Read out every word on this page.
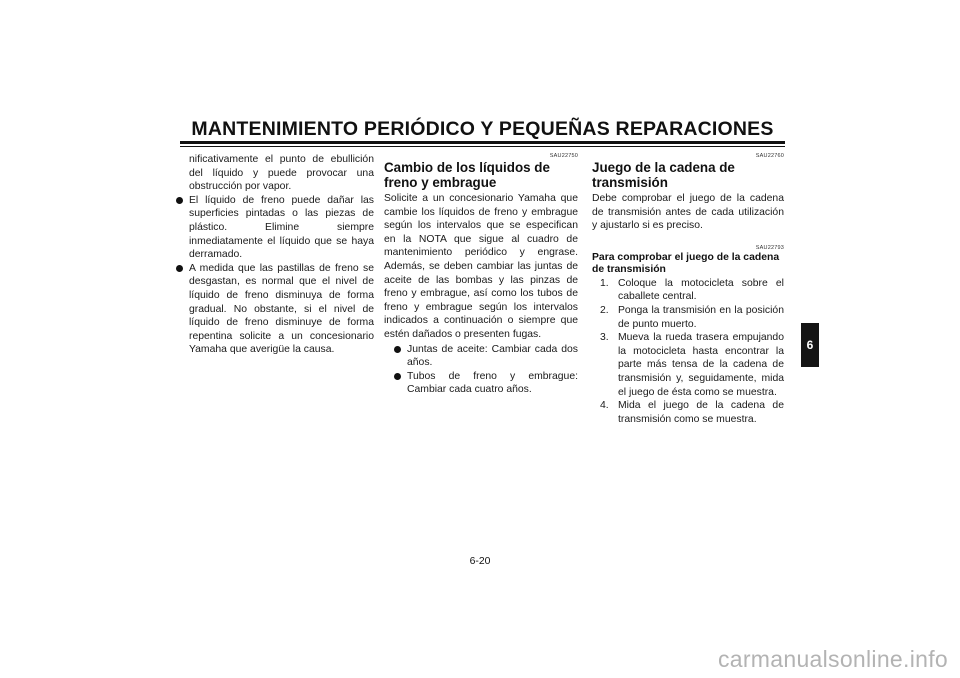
MANTENIMIENTO PERIÓDICO Y PEQUEÑAS REPARACIONES
nificativamente el punto de ebullición del líquido y puede provocar una obstrucción por vapor.
El líquido de freno puede dañar las superficies pintadas o las piezas de plástico. Elimine siempre inmediatamente el líquido que se haya derramado.
A medida que las pastillas de freno se desgastan, es normal que el nivel de líquido de freno disminuya de forma gradual. No obstante, si el nivel de líquido de freno disminuye de forma repentina solicite a un concesionario Yamaha que averigüe la causa.
SAU22750
Cambio de los líquidos de freno y embrague
Solicite a un concesionario Yamaha que cambie los líquidos de freno y embrague según los intervalos que se especifican en la NOTA que sigue al cuadro de mantenimiento periódico y engrase. Además, se deben cambiar las juntas de aceite de las bombas y las pinzas de freno y embrague, así como los tubos de freno y embrague según los intervalos indicados a continuación o siempre que estén dañados o presenten fugas.
Juntas de aceite: Cambiar cada dos años.
Tubos de freno y embrague: Cambiar cada cuatro años.
SAU22760
Juego de la cadena de transmisión
Debe comprobar el juego de la cadena de transmisión antes de cada utilización y ajustarlo si es preciso.
SAU22793
Para comprobar el juego de la cadena de transmisión
1. Coloque la motocicleta sobre el caballete central.
2. Ponga la transmisión en la posición de punto muerto.
3. Mueva la rueda trasera empujando la motocicleta hasta encontrar la parte más tensa de la cadena de transmisión y, seguidamente, mida el juego de ésta como se muestra.
4. Mida el juego de la cadena de transmisión como se muestra.
6
6-20
carmanualsonline.info
